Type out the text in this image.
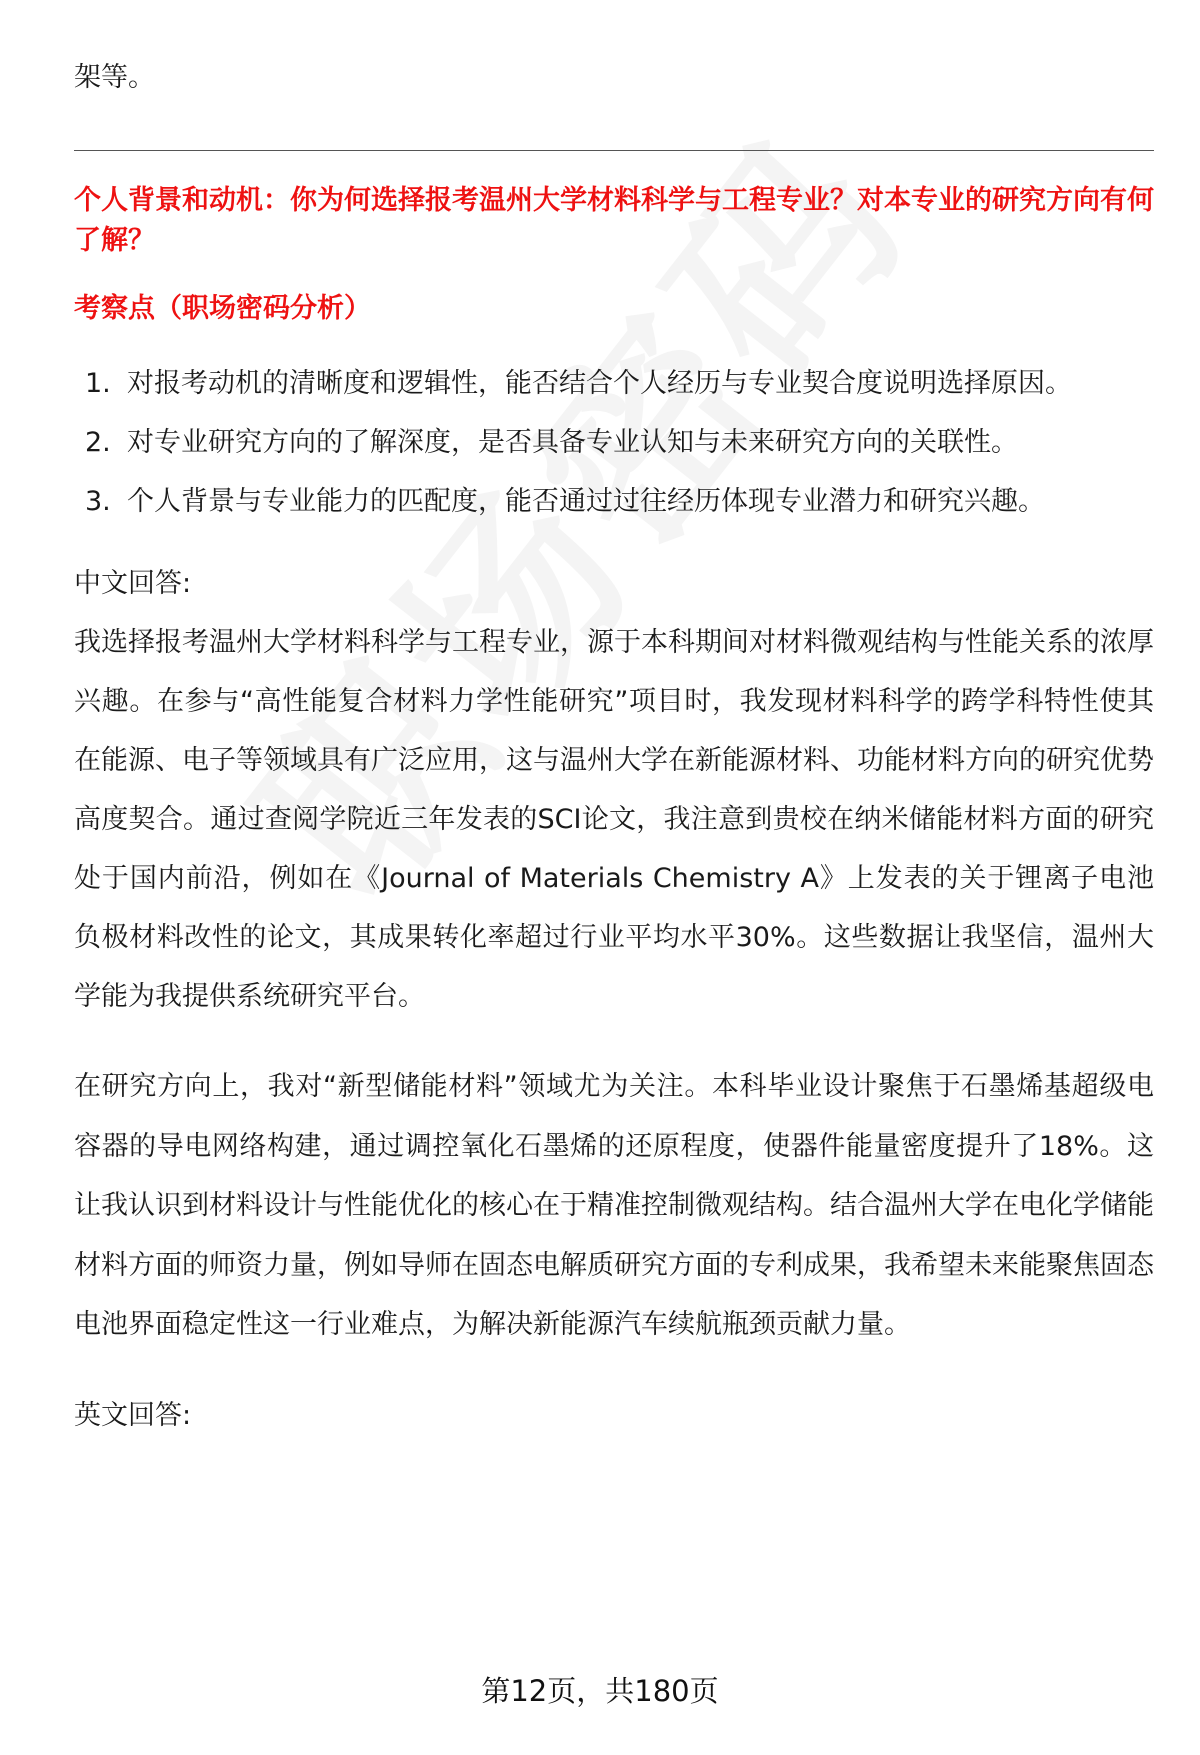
架等。

个人背景和动机：你为何选择报考温州大学材料科学与工程专业？对本专业的研究方向有何了解？

考察点（职场密码分析）

1. 对报考动机的清晰度和逻辑性，能否结合个人经历与专业契合度说明选择原因。
2. 对专业研究方向的了解深度，是否具备专业认知与未来研究方向的关联性。
3. 个人背景与专业能力的匹配度，能否通过过往经历体现专业潜力和研究兴趣。

中文回答:

我选择报考温州大学材料科学与工程专业，源于本科期间对材料微观结构与性能关系的浓厚兴趣。在参与“高性能复合材料力学性能研究”项目时，我发现材料科学的跨学科特性使其在能源、电子等领域具有广泛应用，这与温州大学在新能源材料、功能材料方向的研究优势高度契合。通过查阅学院近三年发表的SCI论文，我注意到贵校在纳米储能材料方面的研究处于国内前沿，例如在《Journal of Materials Chemistry A》上发表的关于锂离子电池负极材料改性的论文，其成果转化率超过行业平均水平30%。这些数据让我坚信，温州大学能为我提供系统研究平台。

在研究方向上，我对“新型储能材料”领域尤为关注。本科毕业设计聚焦于石墨烯基超级电容器的导电网络构建，通过调控氧化石墨烯的还原程度，使器件能量密度提升了18%。这让我认识到材料设计与性能优化的核心在于精准控制微观结构。结合温州大学在电化学储能材料方面的师资力量，例如导师在固态电解质研究方面的专利成果，我希望未来能聚焦固态电池界面稳定性这一行业难点，为解决新能源汽车续航瓶颈贡献力量。

英文回答:

第12页，共180页
